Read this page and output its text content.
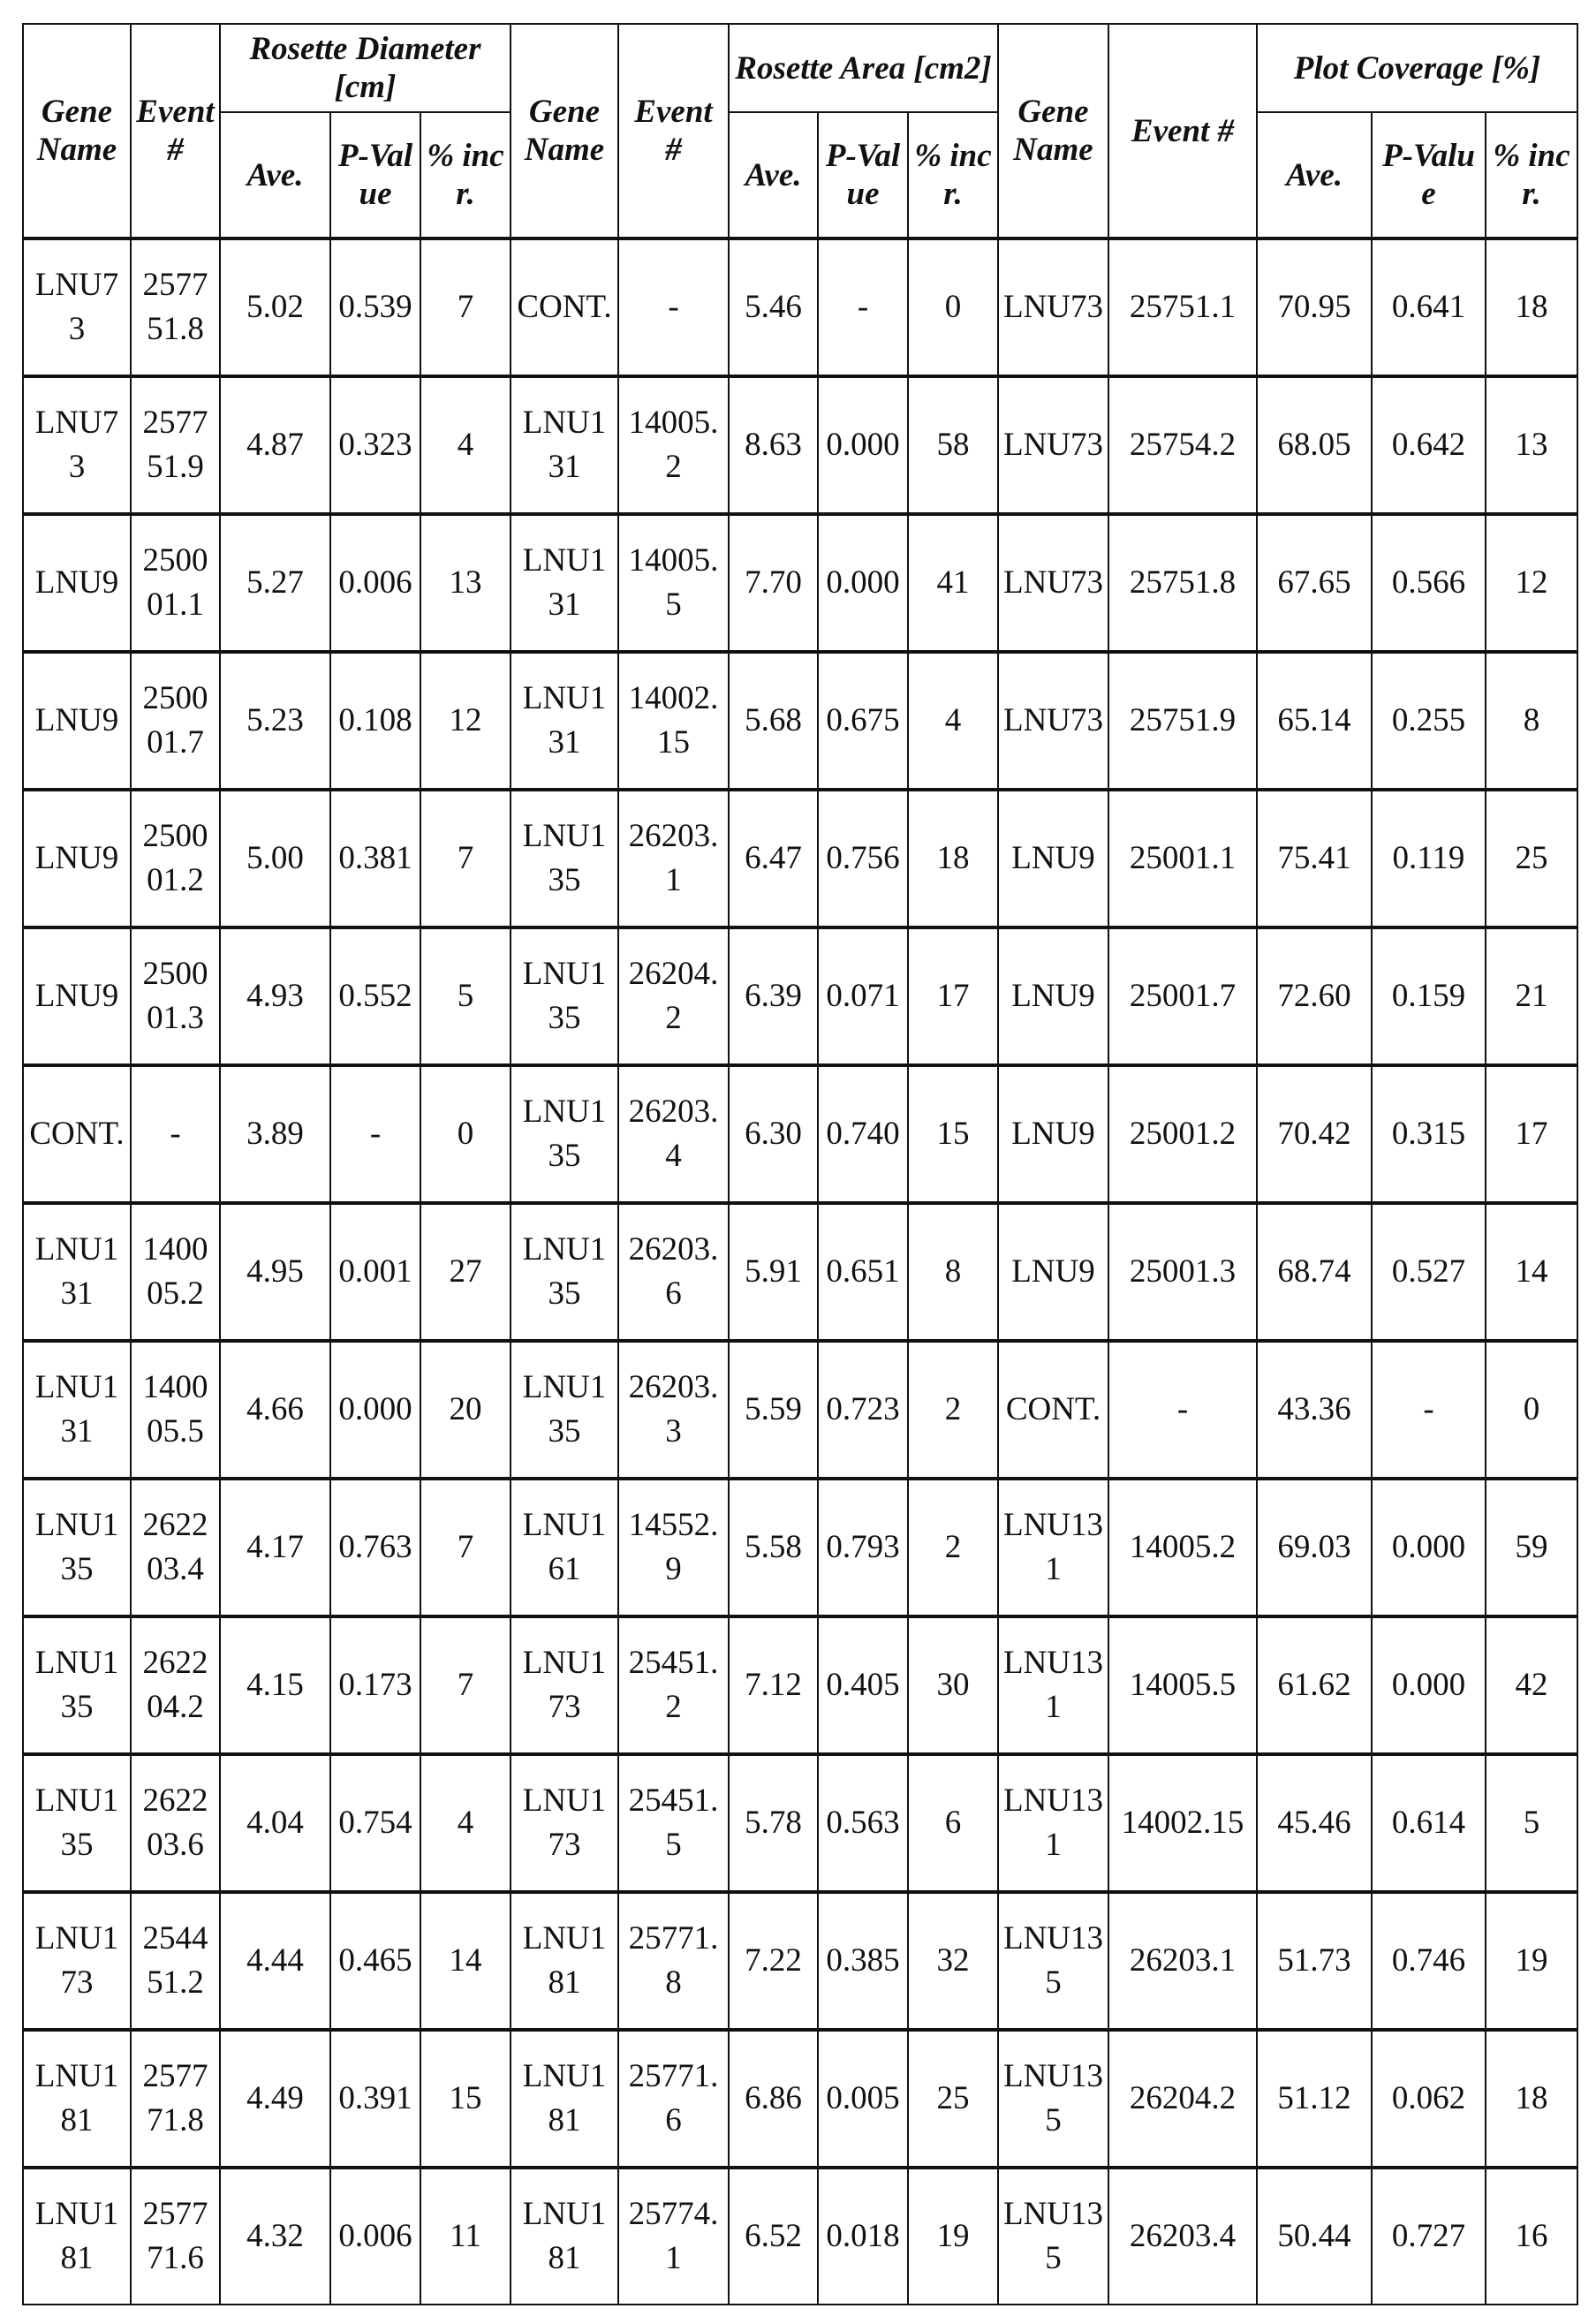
Gene Name	Event #	Rosette Diameter [cm]			Gene Name	Event #	Rosette Area [cm2]			Gene Name	Event #	Plot Coverage [%]		
		Ave.	P-Value	% incr.			Ave.	P-Value	% incr.			Ave.	P-Value	% incr.
LNU73	257751.8	5.02	0.539	7	CONT.	-	5.46	-	0	LNU73	25751.1	70.95	0.641	18
LNU73	257751.9	4.87	0.323	4	LNU131	14005.2	8.63	0.000	58	LNU73	25754.2	68.05	0.642	13
LNU9	250001.1	5.27	0.006	13	LNU131	14005.5	7.70	0.000	41	LNU73	25751.8	67.65	0.566	12
LNU9	250001.7	5.23	0.108	12	LNU131	14002.15	5.68	0.675	4	LNU73	25751.9	65.14	0.255	8
LNU9	250001.2	5.00	0.381	7	LNU135	26203.1	6.47	0.756	18	LNU9	25001.1	75.41	0.119	25
LNU9	250001.3	4.93	0.552	5	LNU135	26204.2	6.39	0.071	17	LNU9	25001.7	72.60	0.159	21
CONT.	-	3.89	-	0	LNU135	26203.4	6.30	0.740	15	LNU9	25001.2	70.42	0.315	17
LNU131	140005.2	4.95	0.001	27	LNU135	26203.6	5.91	0.651	8	LNU9	25001.3	68.74	0.527	14
LNU131	140005.5	4.66	0.000	20	LNU135	26203.3	5.59	0.723	2	CONT.	-	43.36	-	0
LNU135	262203.4	4.17	0.763	7	LNU161	14552.9	5.58	0.793	2	LNU131	14005.2	69.03	0.000	59
LNU135	262204.2	4.15	0.173	7	LNU173	25451.2	7.12	0.405	30	LNU131	14005.5	61.62	0.000	42
LNU135	262203.6	4.04	0.754	4	LNU173	25451.5	5.78	0.563	6	LNU131	14002.15	45.46	0.614	5
LNU173	254451.2	4.44	0.465	14	LNU181	25771.8	7.22	0.385	32	LNU135	26203.1	51.73	0.746	19
LNU181	257771.8	4.49	0.391	15	LNU181	25771.6	6.86	0.005	25	LNU135	26204.2	51.12	0.062	18
LNU181	257771.6	4.32	0.006	11	LNU181	25774.1	6.52	0.018	19	LNU135	26203.4	50.44	0.727	16
